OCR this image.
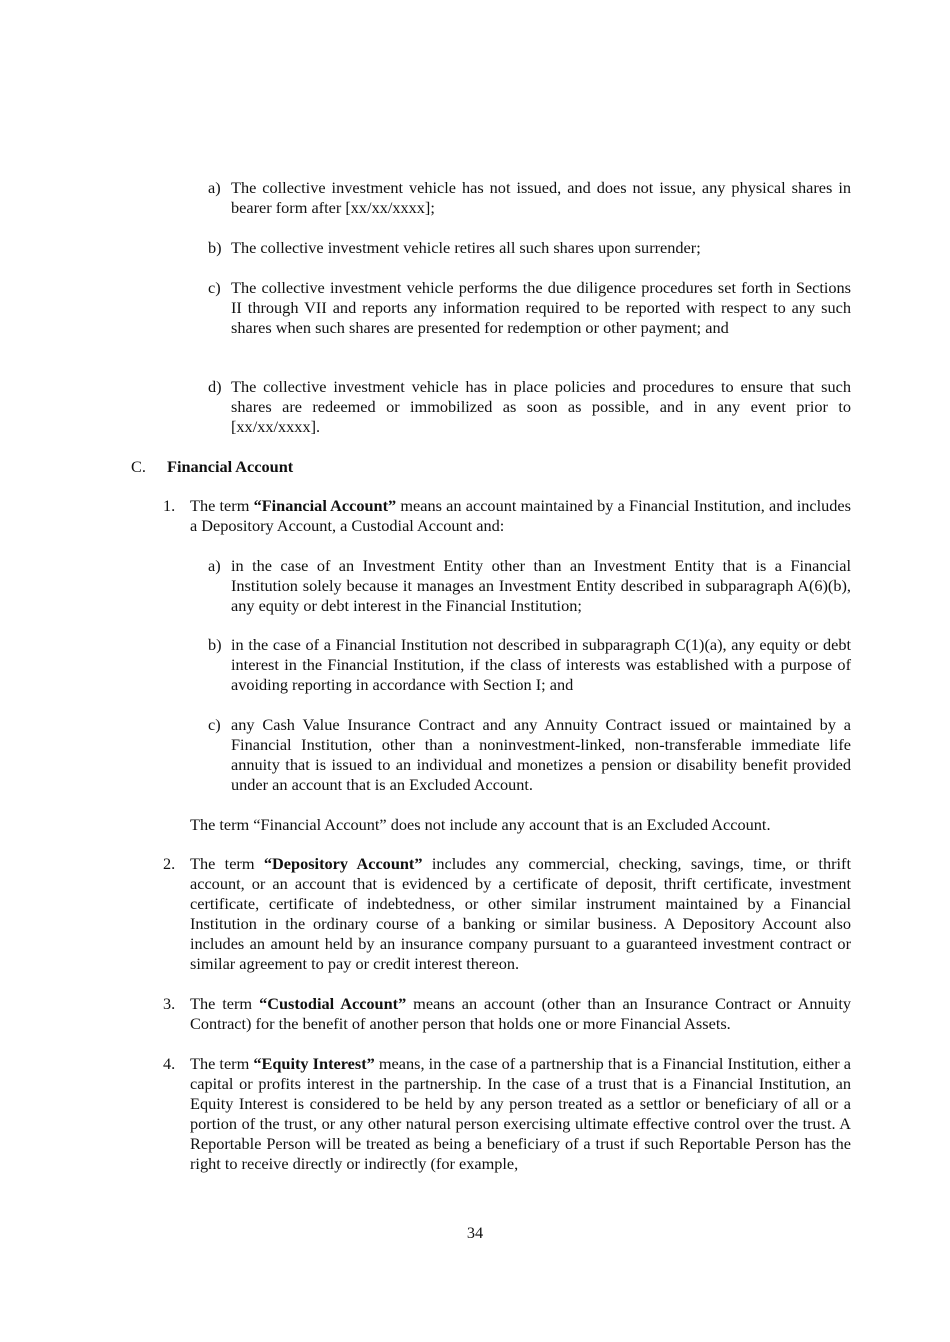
a) The collective investment vehicle has not issued, and does not issue, any physical shares in bearer form after [xx/xx/xxxx];
b) The collective investment vehicle retires all such shares upon surrender;
c) The collective investment vehicle performs the due diligence procedures set forth in Sections II through VII and reports any information required to be reported with respect to any such shares when such shares are presented for redemption or other payment; and
d) The collective investment vehicle has in place policies and procedures to ensure that such shares are redeemed or immobilized as soon as possible, and in any event prior to [xx/xx/xxxx].
C.	Financial Account
1. The term “Financial Account” means an account maintained by a Financial Institution, and includes a Depository Account, a Custodial Account and:
a) in the case of an Investment Entity other than an Investment Entity that is a Financial Institution solely because it manages an Investment Entity described in subparagraph A(6)(b), any equity or debt interest in the Financial Institution;
b) in the case of a Financial Institution not described in subparagraph C(1)(a), any equity or debt interest in the Financial Institution, if the class of interests was established with a purpose of avoiding reporting in accordance with Section I; and
c) any Cash Value Insurance Contract and any Annuity Contract issued or maintained by a Financial Institution, other than a noninvestment-linked, non-transferable immediate life annuity that is issued to an individual and monetizes a pension or disability benefit provided under an account that is an Excluded Account.
The term “Financial Account” does not include any account that is an Excluded Account.
2. The term “Depository Account” includes any commercial, checking, savings, time, or thrift account, or an account that is evidenced by a certificate of deposit, thrift certificate, investment certificate, certificate of indebtedness, or other similar instrument maintained by a Financial Institution in the ordinary course of a banking or similar business. A Depository Account also includes an amount held by an insurance company pursuant to a guaranteed investment contract or similar agreement to pay or credit interest thereon.
3. The term “Custodial Account” means an account (other than an Insurance Contract or Annuity Contract) for the benefit of another person that holds one or more Financial Assets.
4. The term “Equity Interest” means, in the case of a partnership that is a Financial Institution, either a capital or profits interest in the partnership. In the case of a trust that is a Financial Institution, an Equity Interest is considered to be held by any person treated as a settlor or beneficiary of all or a portion of the trust, or any other natural person exercising ultimate effective control over the trust. A Reportable Person will be treated as being a beneficiary of a trust if such Reportable Person has the right to receive directly or indirectly (for example,
34
